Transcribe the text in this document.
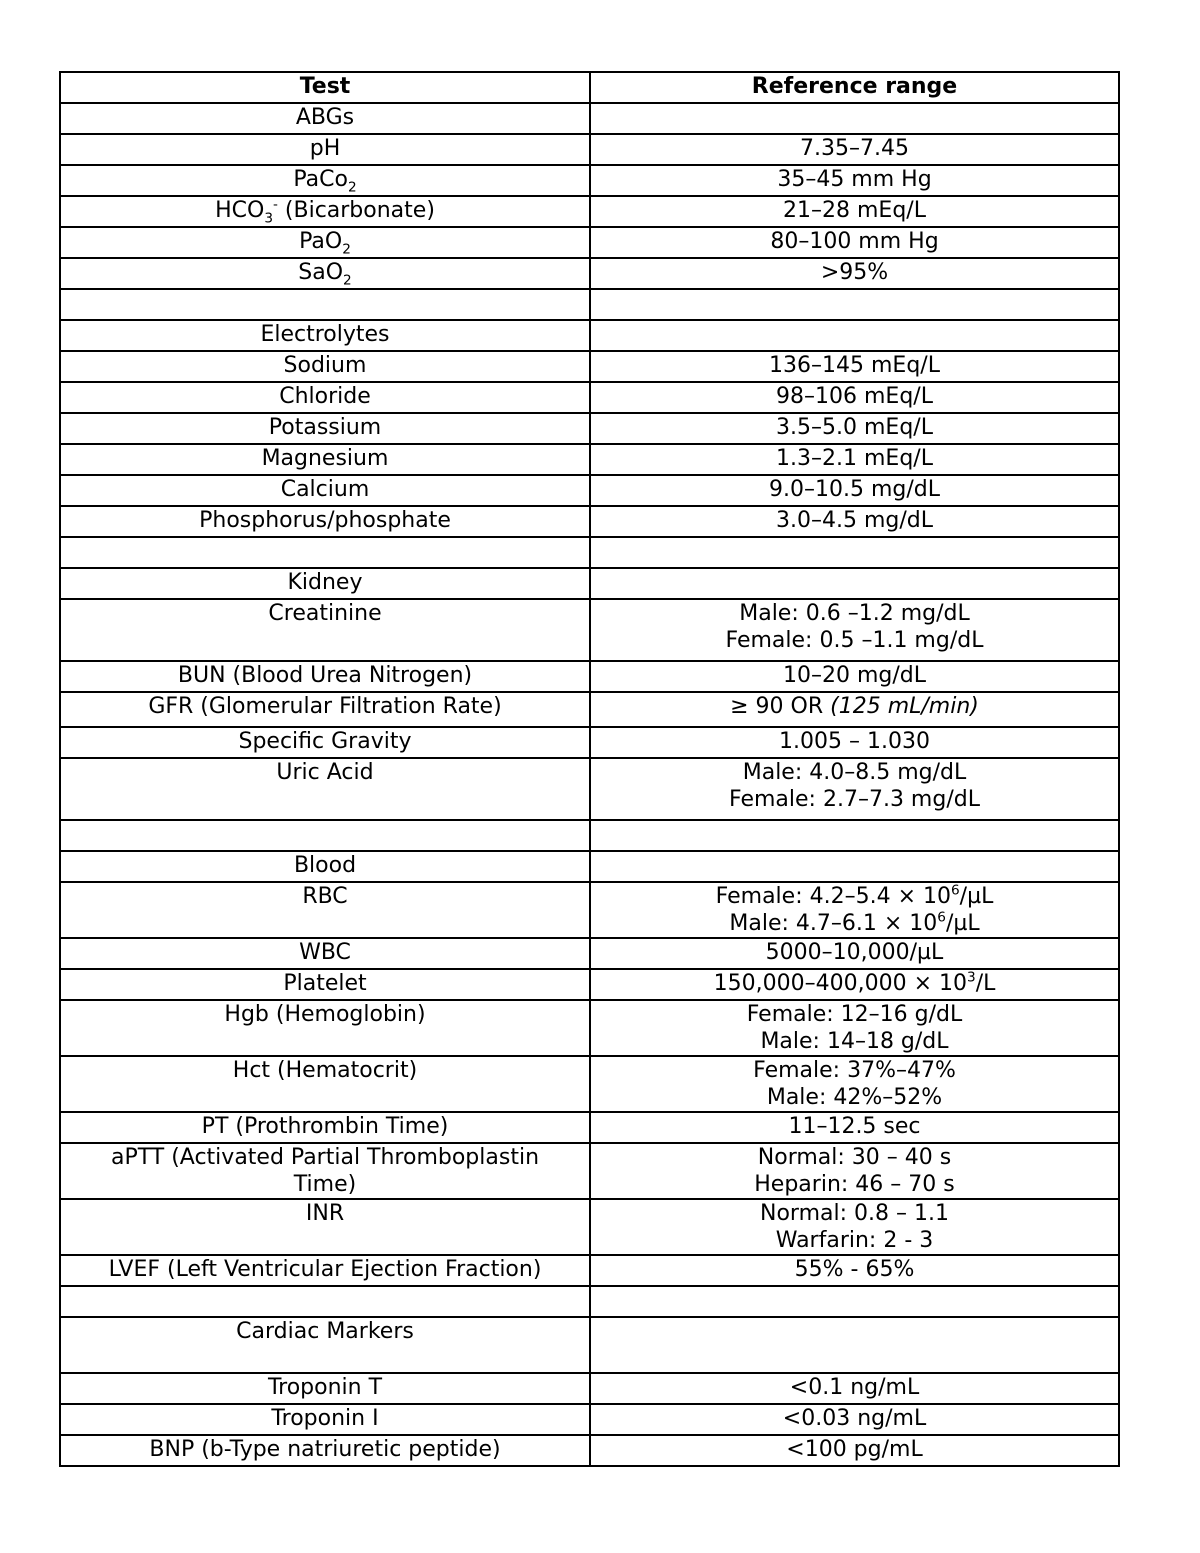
Test	Reference range
ABGs	
pH	7.35–7.45
PaCo$_2$	35–45 mm Hg
$HCO_3^-$ (Bicarbonate)	21–28 mEq/L
PaO$_2$	80–100 mm Hg
SaO$_2$	>95%

Electrolytes	
Sodium	136–145 mEq/L
Chloride	98–106 mEq/L
Potassium	3.5–5.0 mEq/L
Magnesium	1.3–2.1 mEq/L
Calcium	9.0–10.5 mg/dL
Phosphorus/phosphate	3.0–4.5 mg/dL

Kidney	
Creatinine	Male: 0.6 –1.2 mg/dL
Female: 0.5 –1.1 mg/dL

BUN (Blood Urea Nitrogen)	10–20 mg/dL
GFR (Glomerular Filtration Rate)	≥ 90 OR (125 mL/min)
Specific Gravity	1.005 – 1.030
Uric Acid	Male: 4.0–8.5 mg/dL
Female: 2.7–7.3 mg/dL

Blood	
RBC	Female: $4.2-5.4 \times 10^6/\mu L$
Male: $4.7-6.1 \times 10^6/\mu L$

WBC	5000–10,000/µL
Platelet	$150,000-400,000 \times 10^3/L$
Hgb (Hemoglobin)	Female: 12–16 g/dL
Male: 14–18 g/dL

Hct (Hematocrit)	Female: 37%–47%
Male: 42%–52%

PT (Prothrombin Time)	11–12.5 sec

aPTT (Activated Partial Thromboplastin
Time)	Normal: 30 – 40 s
Heparin: 46 – 70 s

INR	Normal: 0.8 – 1.1
Warfarin: 2 - 3

LVEF (Left Ventricular Ejection Fraction)	55% - 65%

Cardiac Markers	
Troponin T	<0.1 ng/mL
Troponin I	<0.03 ng/mL
BNP (b-Type natriuretic peptide)	<100 pg/mL
